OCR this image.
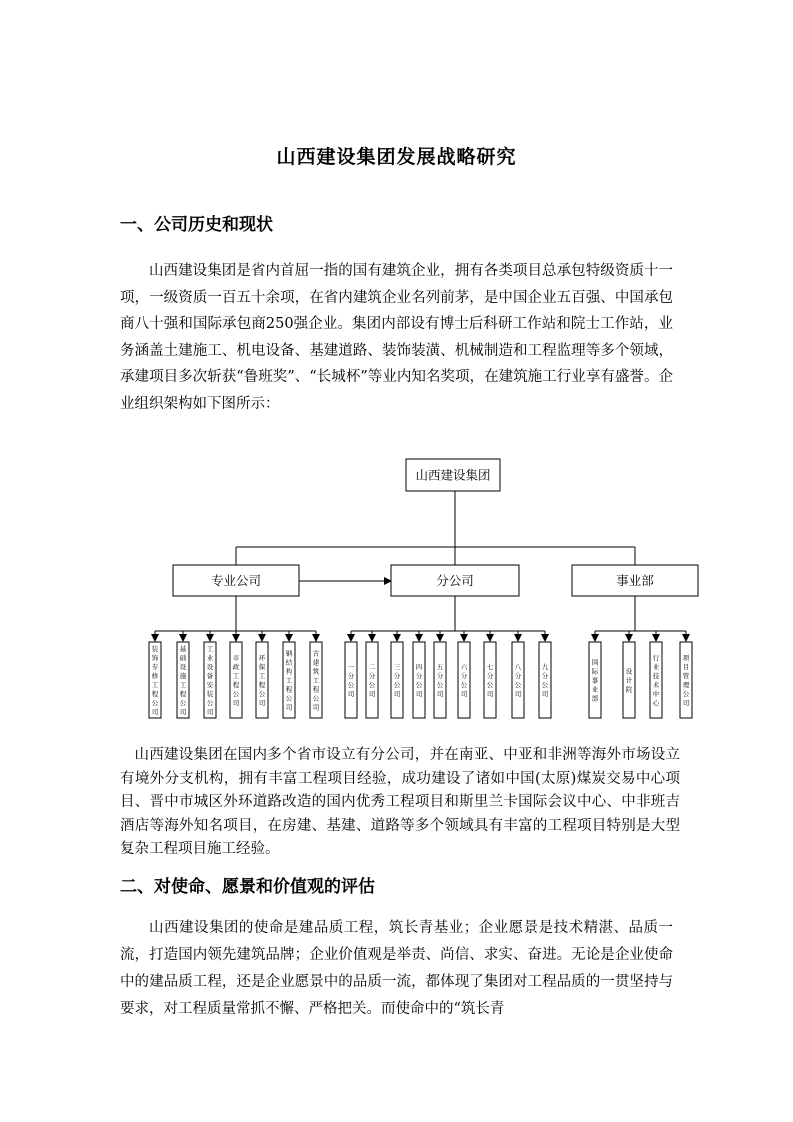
山西建设集团发展战略研究
一、公司历史和现状

山西建设集团是省内首屈一指的国有建筑企业，拥有各类项目总承包特级资质十一项，一级资质一百五十余项，在省内建筑企业名列前茅，是中国企业五百强、中国承包商八十强和国际承包商250强企业。集团内部设有博士后科研工作站和院士工作站，业务涵盖土建施工、机电设备、基建道路、装饰装潢、机械制造和工程监理等多个领域，承建项目多次斩获“鲁班奖”、“长城杯”等业内知名奖项，在建筑施工行业享有盛誉。企业组织架构如下图所示：

山西建设集团
专业公司	分公司	事业部
装饰专修工程公司
基础设施工程公司
工业设备安装公司
市政工程公司
环保工程公司
钢结构工程公司
古建筑工程公司
一分公司
二分公司
三分公司
四分公司
五分公司
六分公司
七分公司
八分公司
九分公司
国际事业部
设计院
行业技术中心
项目管理公司

山西建设集团在国内多个省市设立有分公司，并在南亚、中亚和非洲等海外市场设立有境外分支机构，拥有丰富工程项目经验，成功建设了诸如中国(太原)煤炭交易中心项目、晋中市城区外环道路改造的国内优秀工程项目和斯里兰卡国际会议中心、中非班吉酒店等海外知名项目，在房建、基建、道路等多个领域具有丰富的工程项目特别是大型复杂工程项目施工经验。

二、对使命、愿景和价值观的评估

山西建设集团的使命是建品质工程，筑长青基业；企业愿景是技术精湛、品质一流，打造国内领先建筑品牌；企业价值观是举责、尚信、求实、奋进。无论是企业使命中的建品质工程，还是企业愿景中的品质一流，都体现了集团对工程品质的一贯坚持与要求，对工程质量常抓不懈、严格把关。而使命中的“筑长青
